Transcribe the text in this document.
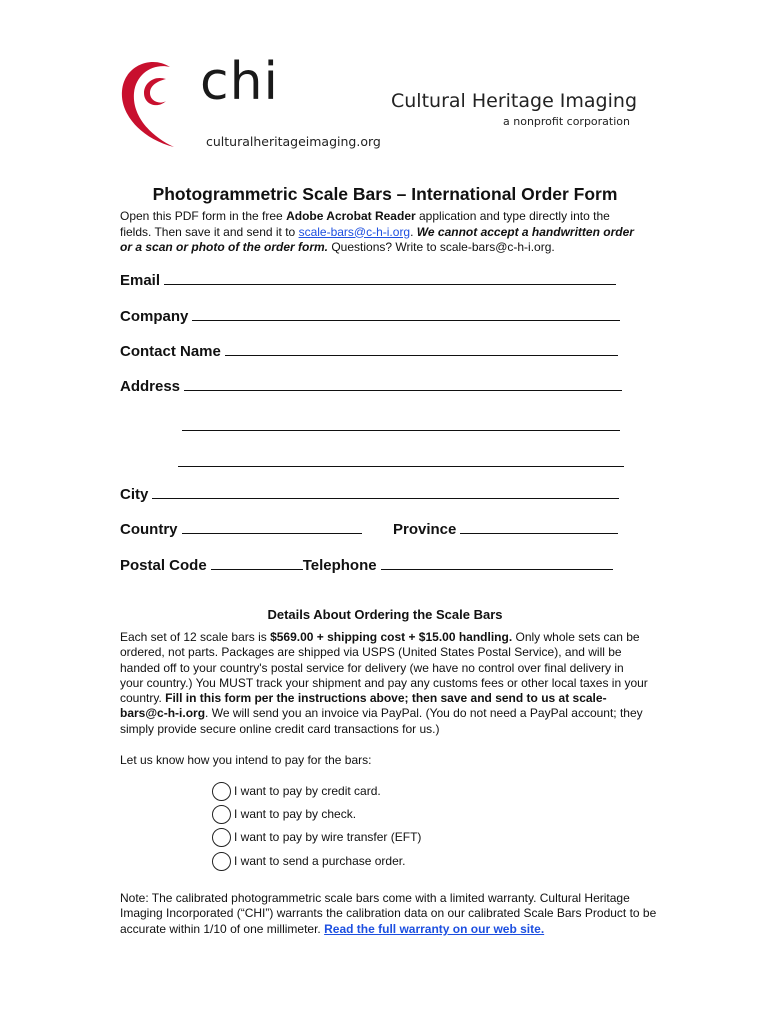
chi
culturalheritageimaging.org
Cultural Heritage Imaging
a nonprofit corporation
Photogrammetric Scale Bars – International Order Form
Open this PDF form in the free Adobe Acrobat Reader application and type directly into the fields. Then save it and send it to scale-bars@c-h-i.org. We cannot accept a handwritten order or a scan or photo of the order form. Questions? Write to scale-bars@c-h-i.org.
Email
Company
Contact Name
Address
City
Country	Province
Postal Code	Telephone
Details About Ordering the Scale Bars
Each set of 12 scale bars is $569.00 + shipping cost + $15.00 handling. Only whole sets can be ordered, not parts. Packages are shipped via USPS (United States Postal Service), and will be handed off to your country's postal service for delivery (we have no control over final delivery in your country.) You MUST track your shipment and pay any customs fees or other local taxes in your country. Fill in this form per the instructions above; then save and send to us at scale-bars@c-h-i.org. We will send you an invoice via PayPal. (You do not need a PayPal account; they simply provide secure online credit card transactions for us.)
Let us know how you intend to pay for the bars:
I want to pay by credit card.
I want to pay by check.
I want to pay by wire transfer (EFT)
I want to send a purchase order.
Note: The calibrated photogrammetric scale bars come with a limited warranty. Cultural Heritage Imaging Incorporated (“CHI”) warrants the calibration data on our calibrated Scale Bars Product to be accurate within 1/10 of one millimeter. Read the full warranty on our web site.
